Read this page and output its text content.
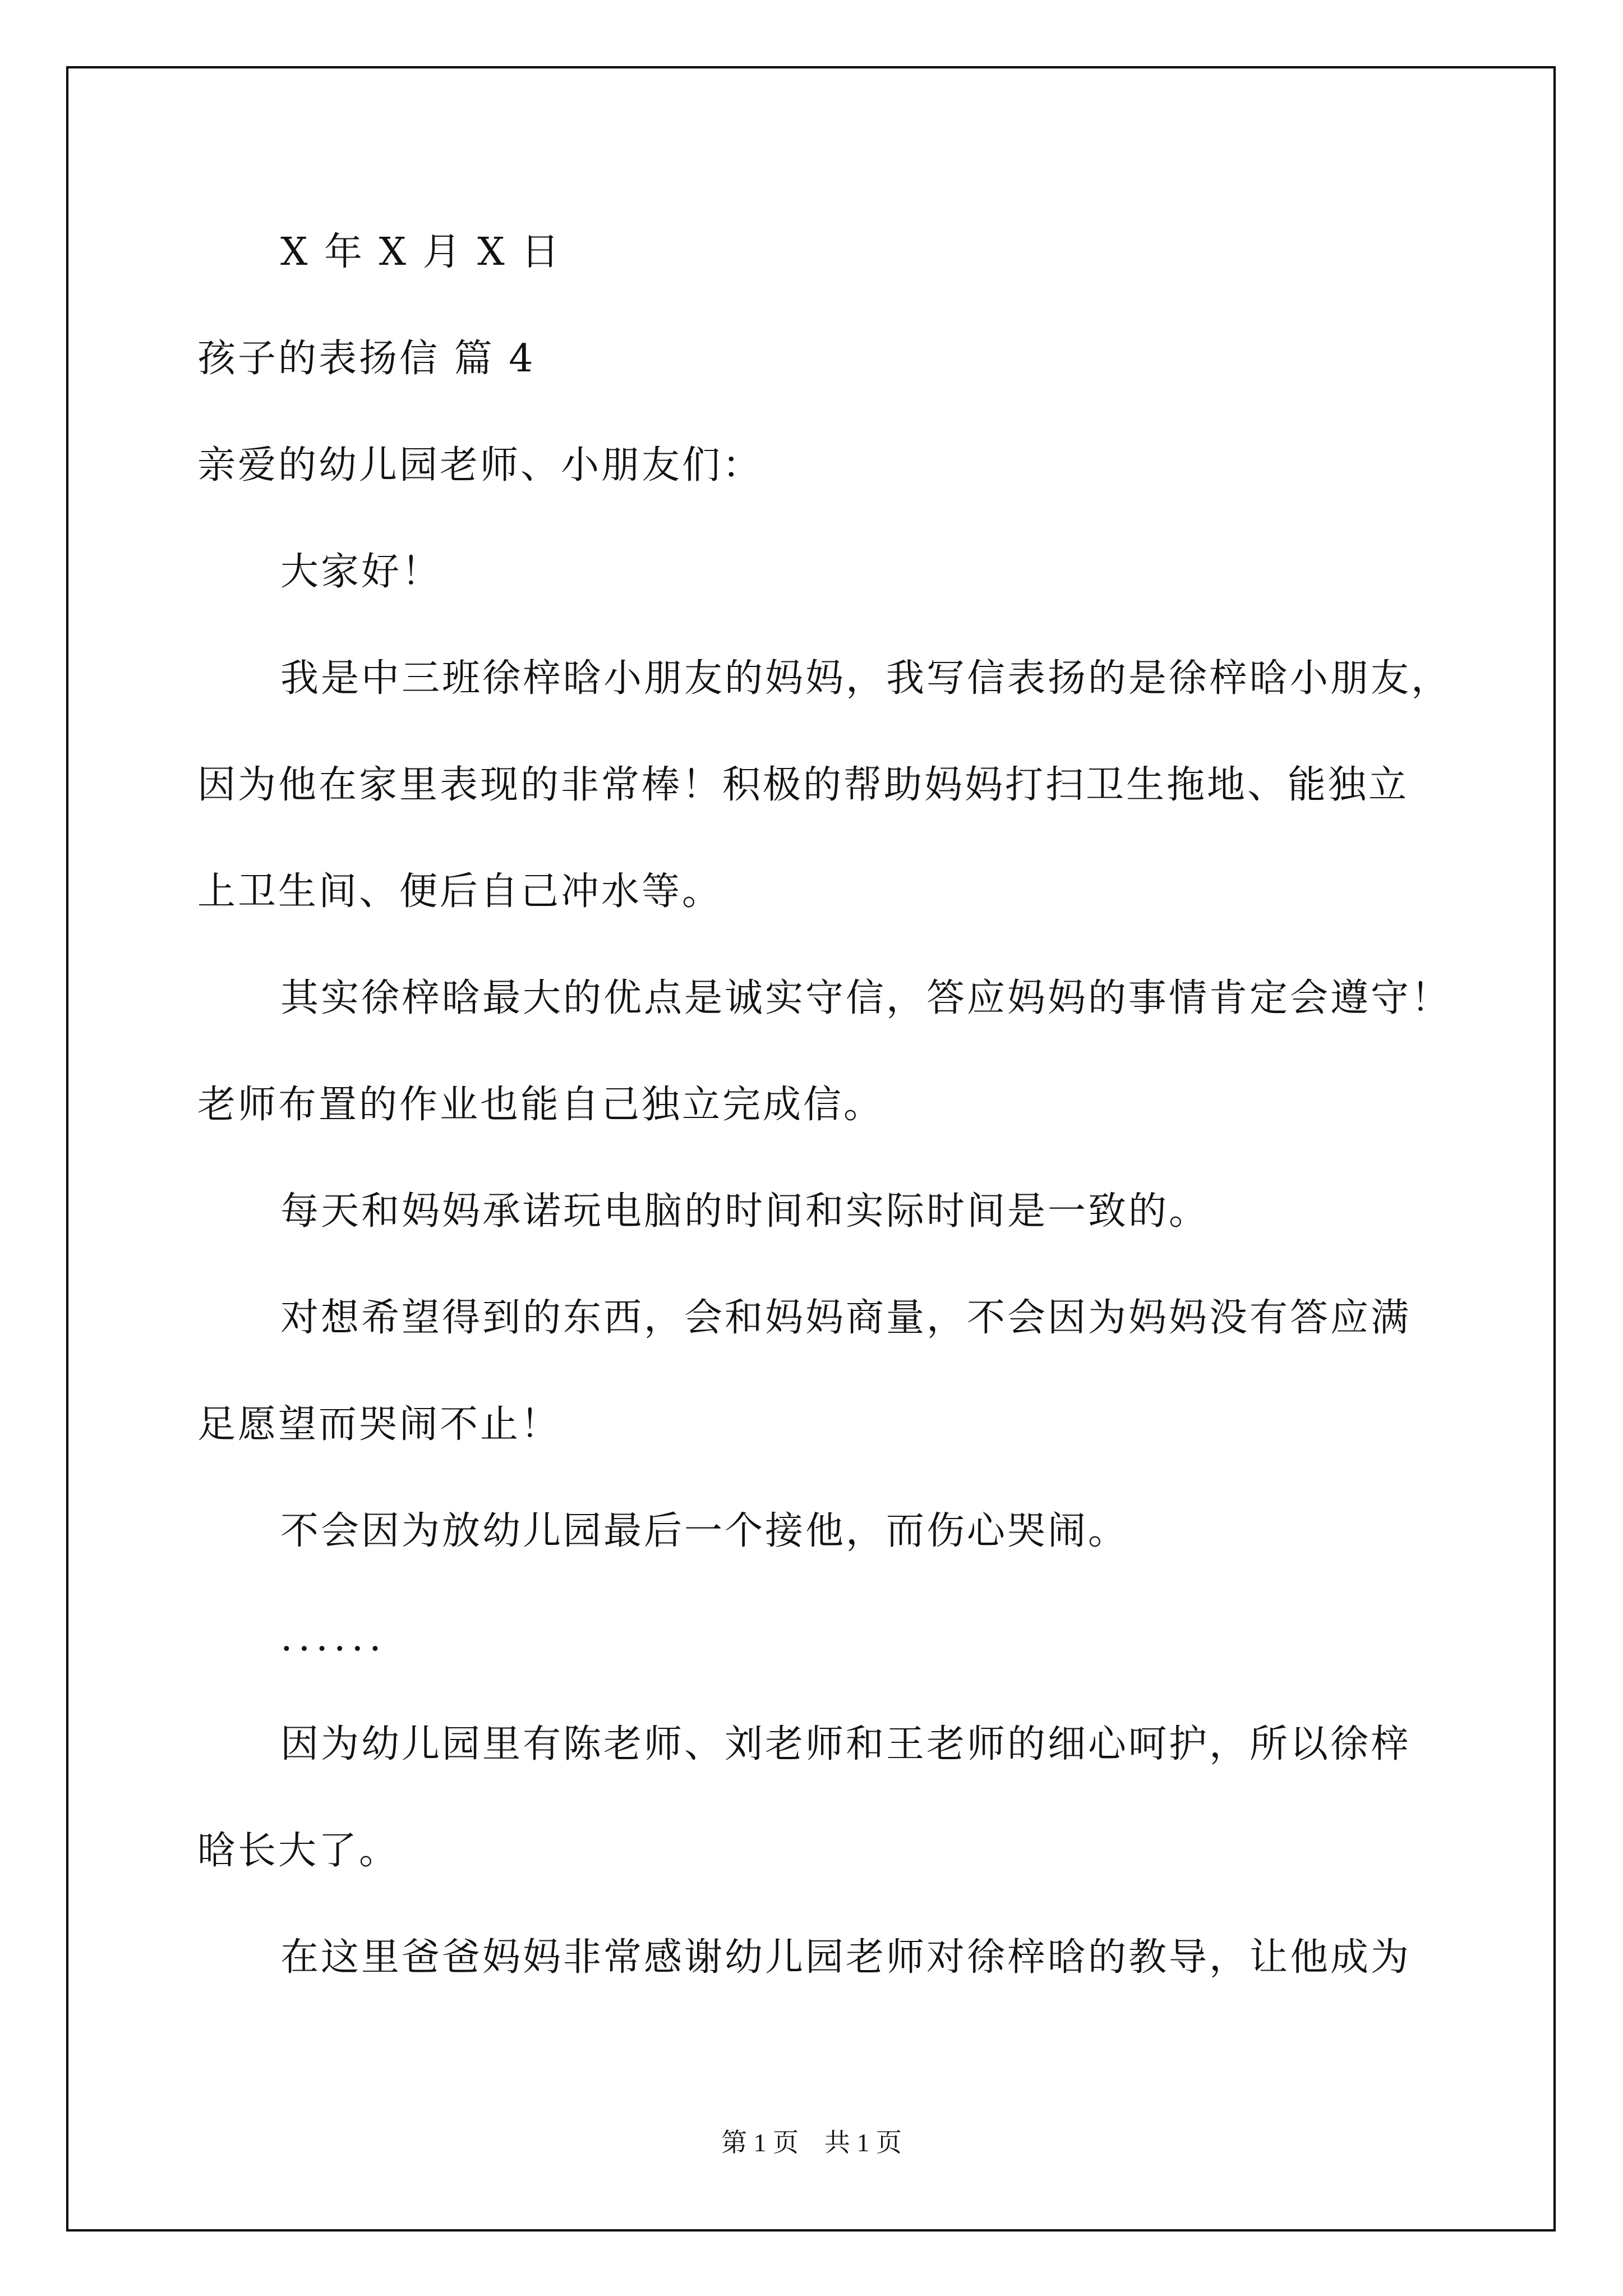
X 年 X 月 X 日
孩子的表扬信 篇 4
亲爱的幼儿园老师、小朋友们：
大家好！
我是中三班徐梓晗小朋友的妈妈，我写信表扬的是徐梓晗小朋友，
因为他在家里表现的非常棒！积极的帮助妈妈打扫卫生拖地、能独立
上卫生间、便后自己冲水等。
其实徐梓晗最大的优点是诚实守信，答应妈妈的事情肯定会遵守！
老师布置的作业也能自己独立完成信。
每天和妈妈承诺玩电脑的时间和实际时间是一致的。
对想希望得到的东西，会和妈妈商量，不会因为妈妈没有答应满
足愿望而哭闹不止！
不会因为放幼儿园最后一个接他，而伤心哭闹。
......
因为幼儿园里有陈老师、刘老师和王老师的细心呵护，所以徐梓
晗长大了。
在这里爸爸妈妈非常感谢幼儿园老师对徐梓晗的教导，让他成为
第 1 页　共 1 页
